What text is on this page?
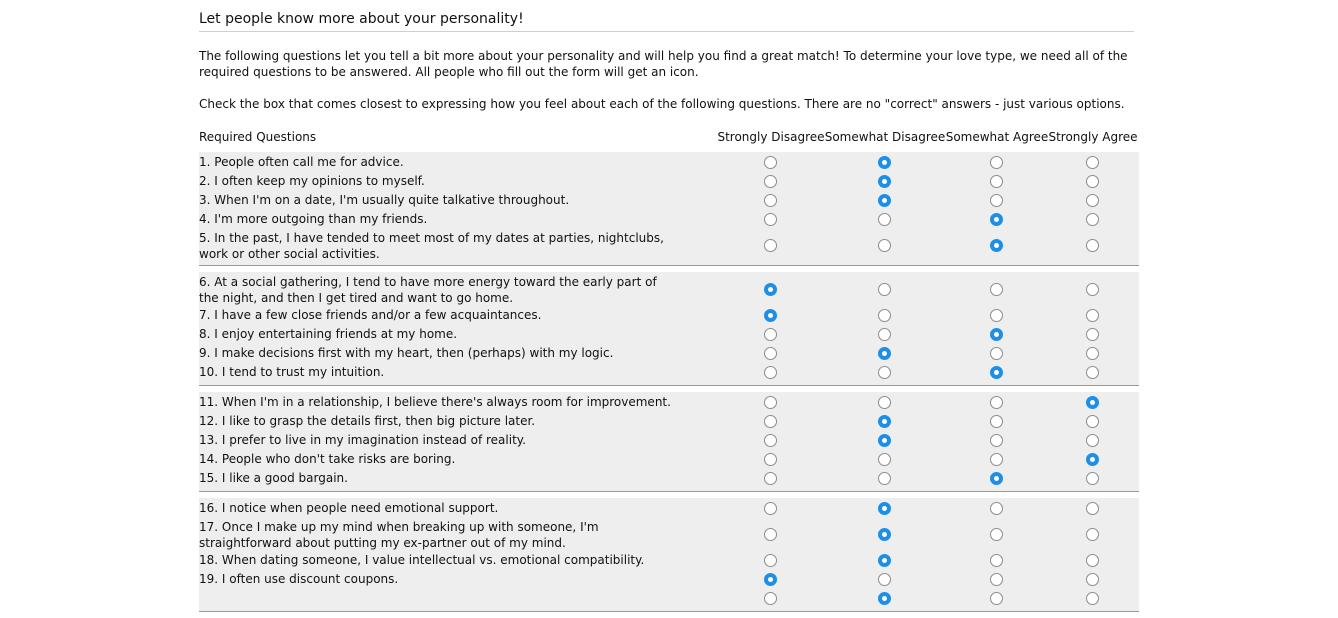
Let people know more about your personality!
The following questions let you tell a bit more about your personality and will help you find a great match! To determine your love type, we need all of the required questions to be answered. All people who fill out the form will get an icon.
Check the box that comes closest to expressing how you feel about each of the following questions. There are no "correct" answers - just various options.
Required Questions	Strongly Disagree Somewhat Disagree Somewhat Agree Strongly Agree
1. People often call me for advice.
2. I often keep my opinions to myself.
3. When I'm on a date, I'm usually quite talkative throughout.
4. I'm more outgoing than my friends.
5. In the past, I have tended to meet most of my dates at parties, nightclubs, work or other social activities.
6. At a social gathering, I tend to have more energy toward the early part of the night, and then I get tired and want to go home.
7. I have a few close friends and/or a few acquaintances.
8. I enjoy entertaining friends at my home.
9. I make decisions first with my heart, then (perhaps) with my logic.
10. I tend to trust my intuition.
11. When I'm in a relationship, I believe there's always room for improvement.
12. I like to grasp the details first, then big picture later.
13. I prefer to live in my imagination instead of reality.
14. People who don't take risks are boring.
15. I like a good bargain.
16. I notice when people need emotional support.
17. Once I make up my mind when breaking up with someone, I'm straightforward about putting my ex-partner out of my mind.
18. When dating someone, I value intellectual vs. emotional compatibility.
19. I often use discount coupons.
